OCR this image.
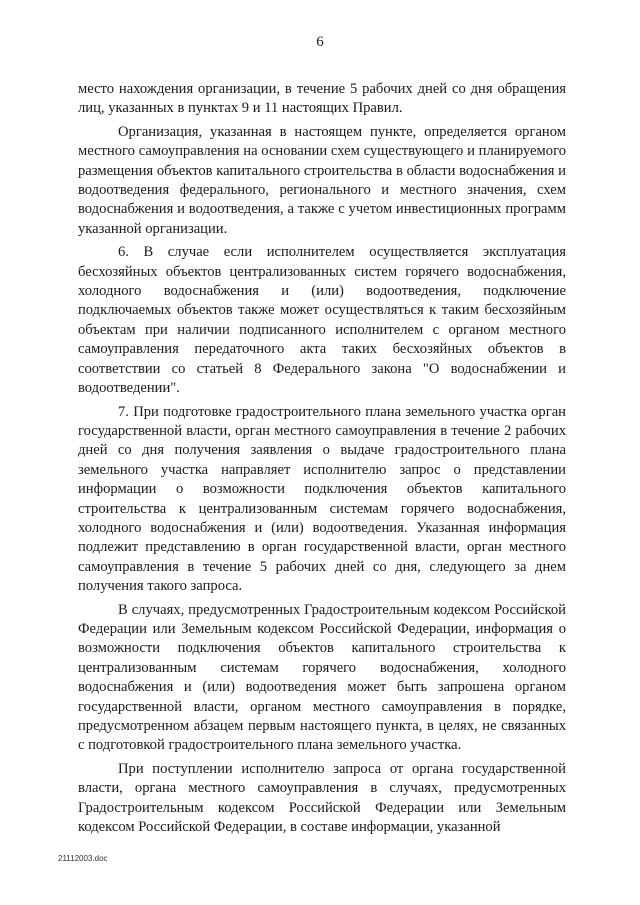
6

место нахождения организации, в течение 5 рабочих дней со дня обращения лиц, указанных в пунктах 9 и 11 настоящих Правил.

Организация, указанная в настоящем пункте, определяется органом местного самоуправления на основании схем существующего и планируемого размещения объектов капитального строительства в области водоснабжения и водоотведения федерального, регионального и местного значения, схем водоснабжения и водоотведения, а также с учетом инвестиционных программ указанной организации.

6. В случае если исполнителем осуществляется эксплуатация бесхозяйных объектов централизованных систем горячего водоснабжения, холодного водоснабжения и (или) водоотведения, подключение подключаемых объектов также может осуществляться к таким бесхозяйным объектам при наличии подписанного исполнителем с органом местного самоуправления передаточного акта таких бесхозяйных объектов в соответствии со статьей 8 Федерального закона "О водоснабжении и водоотведении".

7. При подготовке градостроительного плана земельного участка орган государственной власти, орган местного самоуправления в течение 2 рабочих дней со дня получения заявления о выдаче градостроительного плана земельного участка направляет исполнителю запрос о представлении информации о возможности подключения объектов капитального строительства к централизованным системам горячего водоснабжения, холодного водоснабжения и (или) водоотведения. Указанная информация подлежит представлению в орган государственной власти, орган местного самоуправления в течение 5 рабочих дней со дня, следующего за днем получения такого запроса.

В случаях, предусмотренных Градостроительным кодексом Российской Федерации или Земельным кодексом Российской Федерации, информация о возможности подключения объектов капитального строительства к централизованным системам горячего водоснабжения, холодного водоснабжения и (или) водоотведения может быть запрошена органом государственной власти, органом местного самоуправления в порядке, предусмотренном абзацем первым настоящего пункта, в целях, не связанных с подготовкой градостроительного плана земельного участка.

При поступлении исполнителю запроса от органа государственной власти, органа местного самоуправления в случаях, предусмотренных Градостроительным кодексом Российской Федерации или Земельным кодексом Российской Федерации, в составе информации, указанной

21112003.doc
